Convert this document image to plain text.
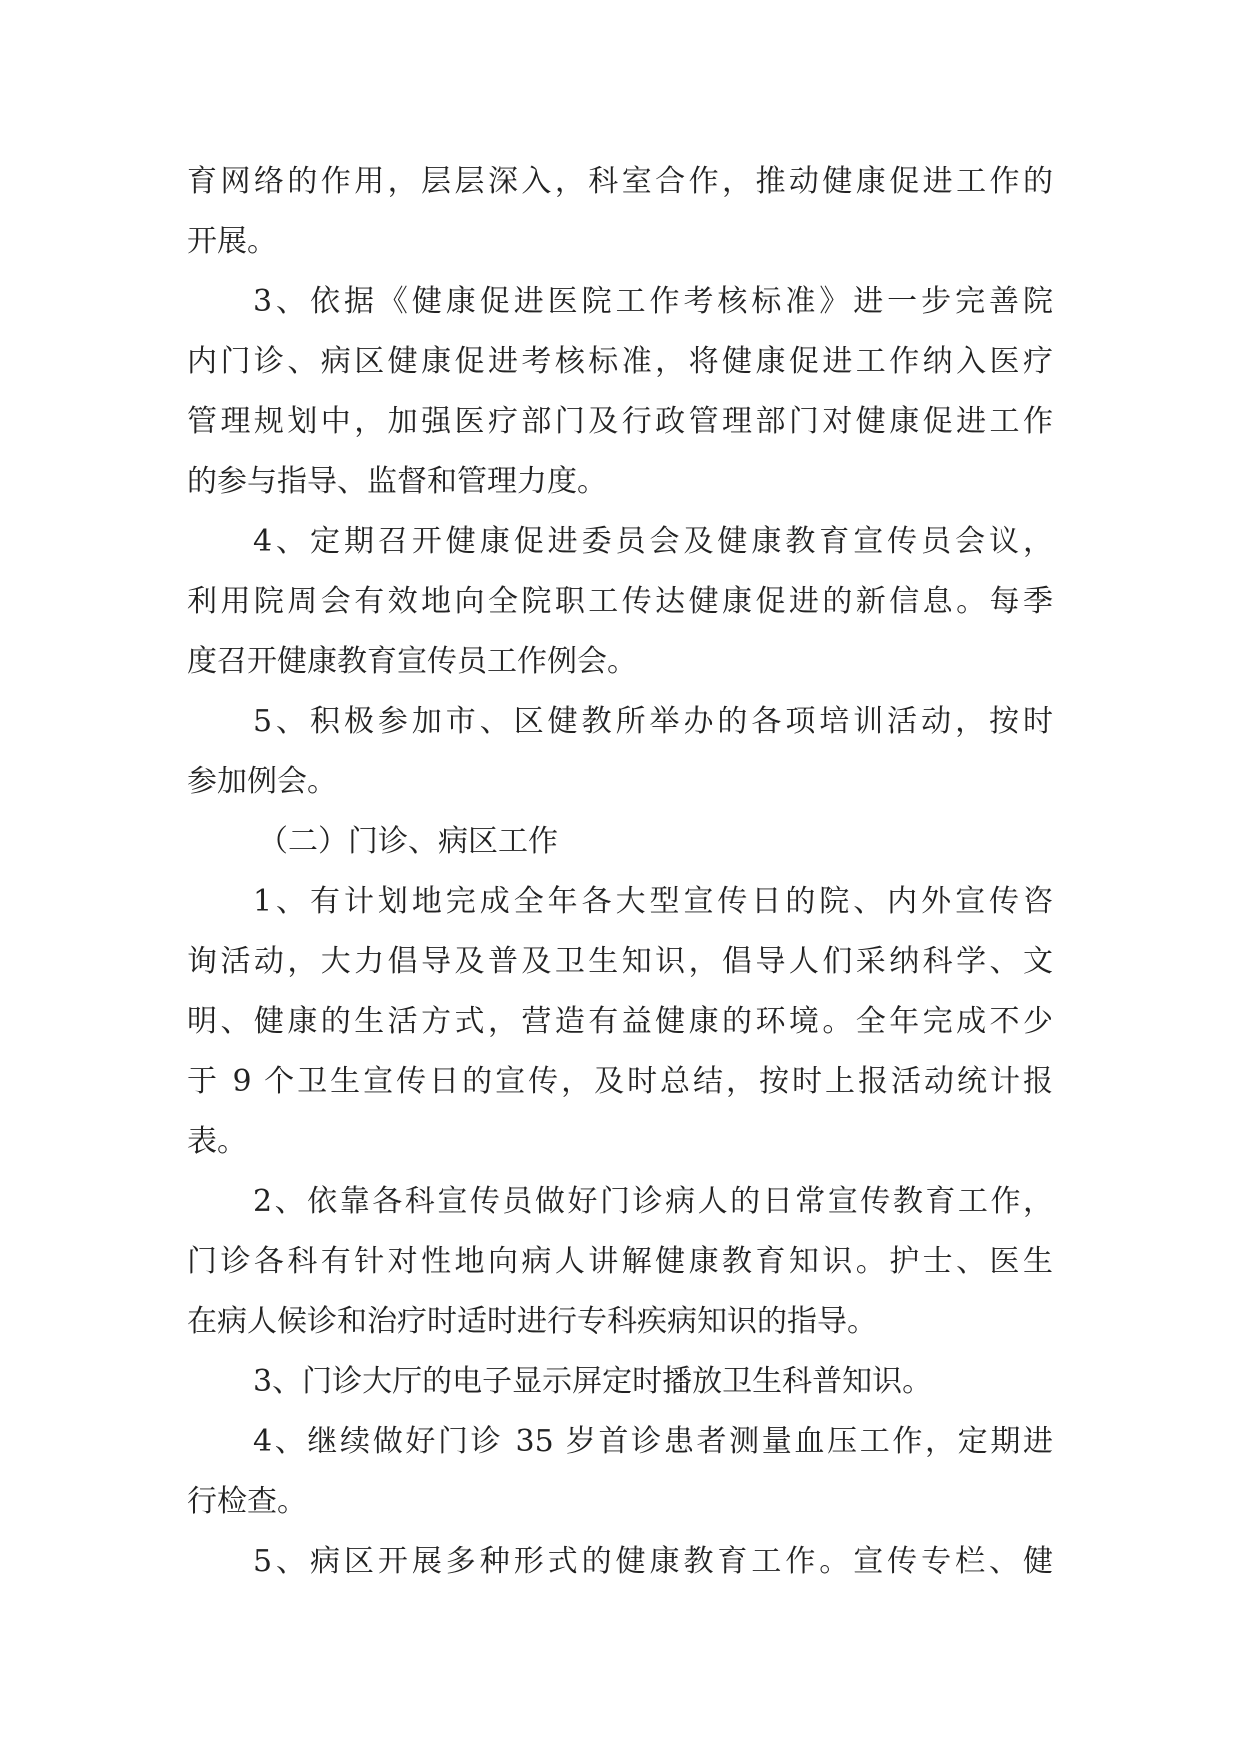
育网络的作用，层层深入，科室合作，推动健康促进工作的
开展。
3、依据《健康促进医院工作考核标准》进一步完善院
内门诊、病区健康促进考核标准，将健康促进工作纳入医疗
管理规划中，加强医疗部门及行政管理部门对健康促进工作
的参与指导、监督和管理力度。
4、定期召开健康促进委员会及健康教育宣传员会议，
利用院周会有效地向全院职工传达健康促进的新信息。每季
度召开健康教育宣传员工作例会。
5、积极参加市、区健教所举办的各项培训活动，按时
参加例会。
（二）门诊、病区工作
1、有计划地完成全年各大型宣传日的院、内外宣传咨
询活动，大力倡导及普及卫生知识，倡导人们采纳科学、文
明、健康的生活方式，营造有益健康的环境。全年完成不少
于 9 个卫生宣传日的宣传，及时总结，按时上报活动统计报
表。
2、依靠各科宣传员做好门诊病人的日常宣传教育工作，
门诊各科有针对性地向病人讲解健康教育知识。护士、医生
在病人候诊和治疗时适时进行专科疾病知识的指导。
3、门诊大厅的电子显示屏定时播放卫生科普知识。
4、继续做好门诊 35 岁首诊患者测量血压工作，定期进
行检查。
5、病区开展多种形式的健康教育工作。宣传专栏、健
